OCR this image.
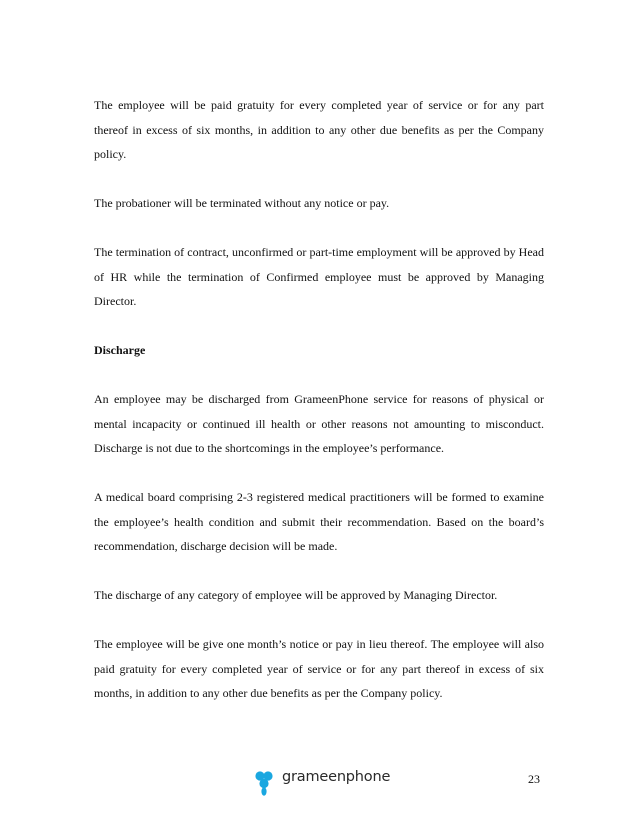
The employee will be paid gratuity for every completed year of service or for any part thereof in excess of six months, in addition to any other due benefits as per the Company policy.

The probationer will be terminated without any notice or pay.

The termination of contract, unconfirmed or part-time employment will be approved by Head of HR while the termination of Confirmed employee must be approved by Managing Director.

Discharge

An employee may be discharged from GrameenPhone service for reasons of physical or mental incapacity or continued ill health or other reasons not amounting to misconduct. Discharge is not due to the shortcomings in the employee’s performance.

A medical board comprising 2-3 registered medical practitioners will be formed to examine the employee’s health condition and submit their recommendation. Based on the board’s recommendation, discharge decision will be made.

The discharge of any category of employee will be approved by Managing Director.

The employee will be give one month’s notice or pay in lieu thereof. The employee will also paid gratuity for every completed year of service or for any part thereof in excess of six months, in addition to any other due benefits as per the Company policy.

grameenphone	23
